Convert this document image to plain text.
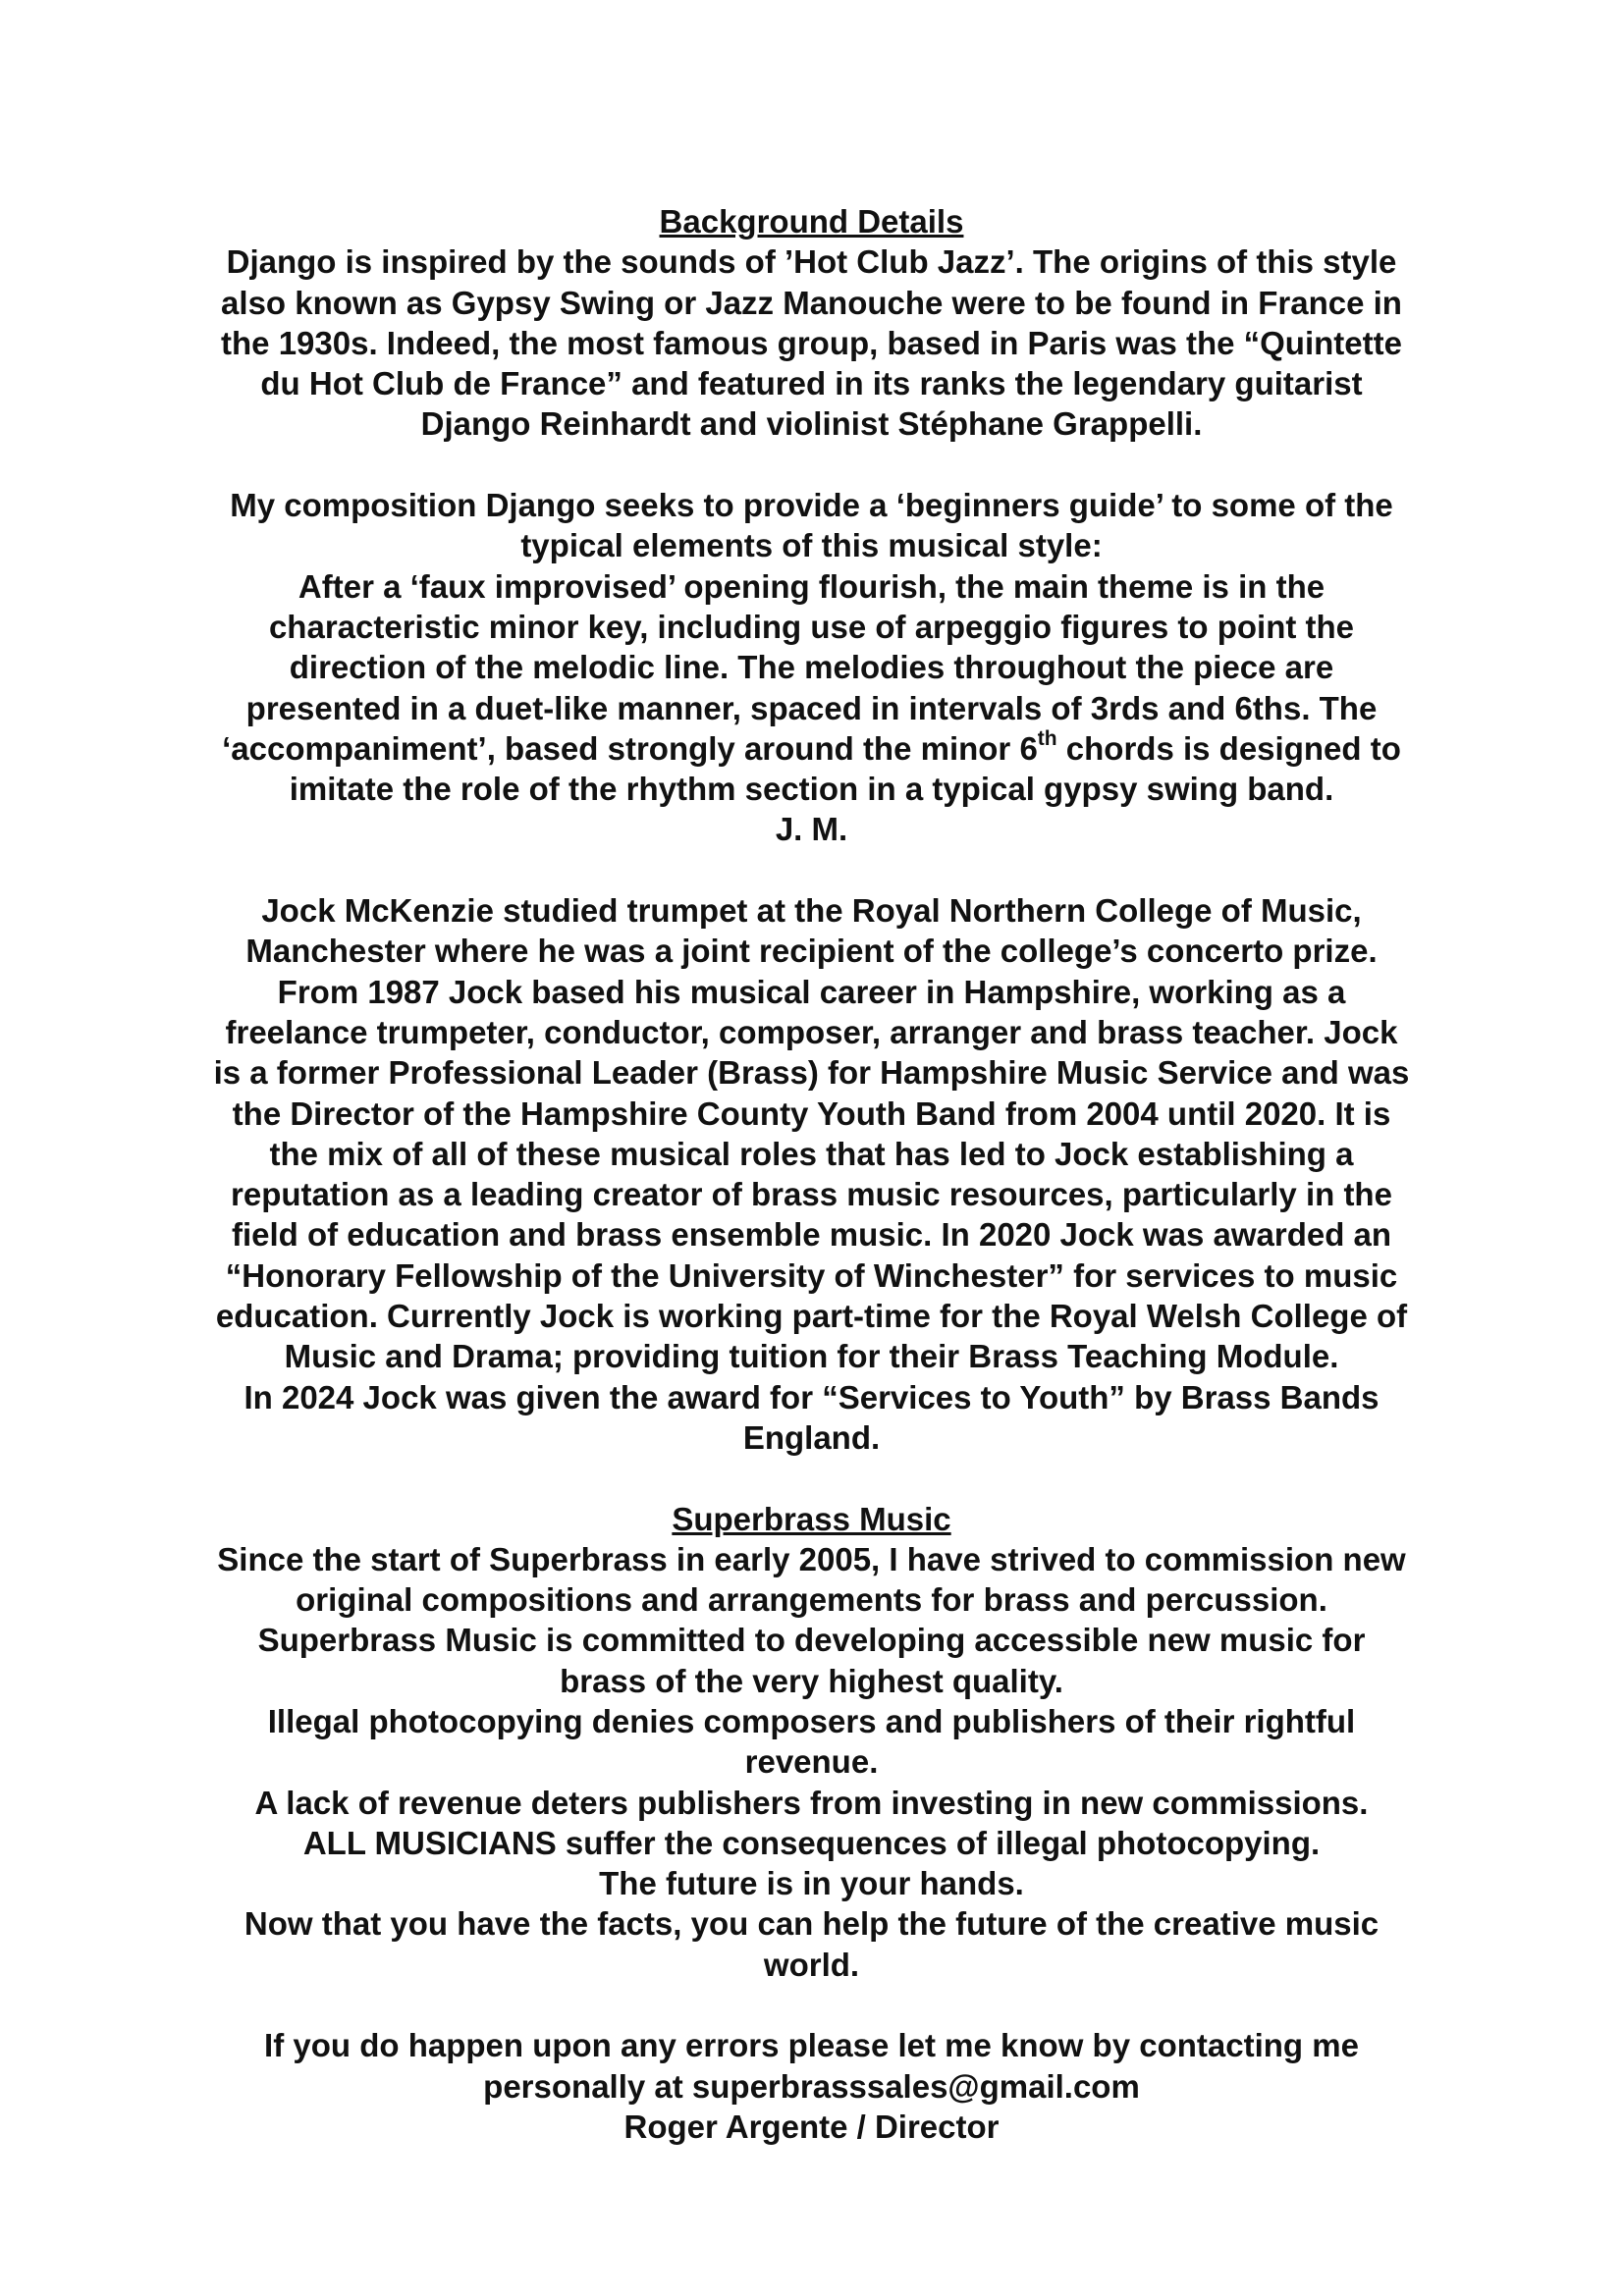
Background Details
Django is inspired by the sounds of ’Hot Club Jazz’. The origins of this style
also known as Gypsy Swing or Jazz Manouche were to be found in France in
the 1930s. Indeed, the most famous group, based in Paris was the “Quintette
du Hot Club de France” and featured in its ranks the legendary guitarist
Django Reinhardt and violinist Stéphane Grappelli.
My composition Django seeks to provide a ‘beginners guide’ to some of the
typical elements of this musical style:
After a ‘faux improvised’ opening flourish, the main theme is in the
characteristic minor key, including use of arpeggio figures to point the
direction of the melodic line. The melodies throughout the piece are
presented in a duet-like manner, spaced in intervals of 3rds and 6ths. The
‘accompaniment’, based strongly around the minor 6th chords is designed to
imitate the role of the rhythm section in a typical gypsy swing band.
J. M.
Jock McKenzie studied trumpet at the Royal Northern College of Music,
Manchester where he was a joint recipient of the college’s concerto prize.
From 1987 Jock based his musical career in Hampshire, working as a
freelance trumpeter, conductor, composer, arranger and brass teacher. Jock
is a former Professional Leader (Brass) for Hampshire Music Service and was
the Director of the Hampshire County Youth Band from 2004 until 2020. It is
the mix of all of these musical roles that has led to Jock establishing a
reputation as a leading creator of brass music resources, particularly in the
field of education and brass ensemble music. In 2020 Jock was awarded an
“Honorary Fellowship of the University of Winchester” for services to music
education. Currently Jock is working part-time for the Royal Welsh College of
Music and Drama; providing tuition for their Brass Teaching Module.
In 2024 Jock was given the award for “Services to Youth” by Brass Bands
England.
Superbrass Music
Since the start of Superbrass in early 2005, I have strived to commission new
original compositions and arrangements for brass and percussion.
Superbrass Music is committed to developing accessible new music for
brass of the very highest quality.
Illegal photocopying denies composers and publishers of their rightful
revenue.
A lack of revenue deters publishers from investing in new commissions.
ALL MUSICIANS suffer the consequences of illegal photocopying.
The future is in your hands.
Now that you have the facts, you can help the future of the creative music
world.
If you do happen upon any errors please let me know by contacting me
personally at superbrasssales@gmail.com
Roger Argente / Director
